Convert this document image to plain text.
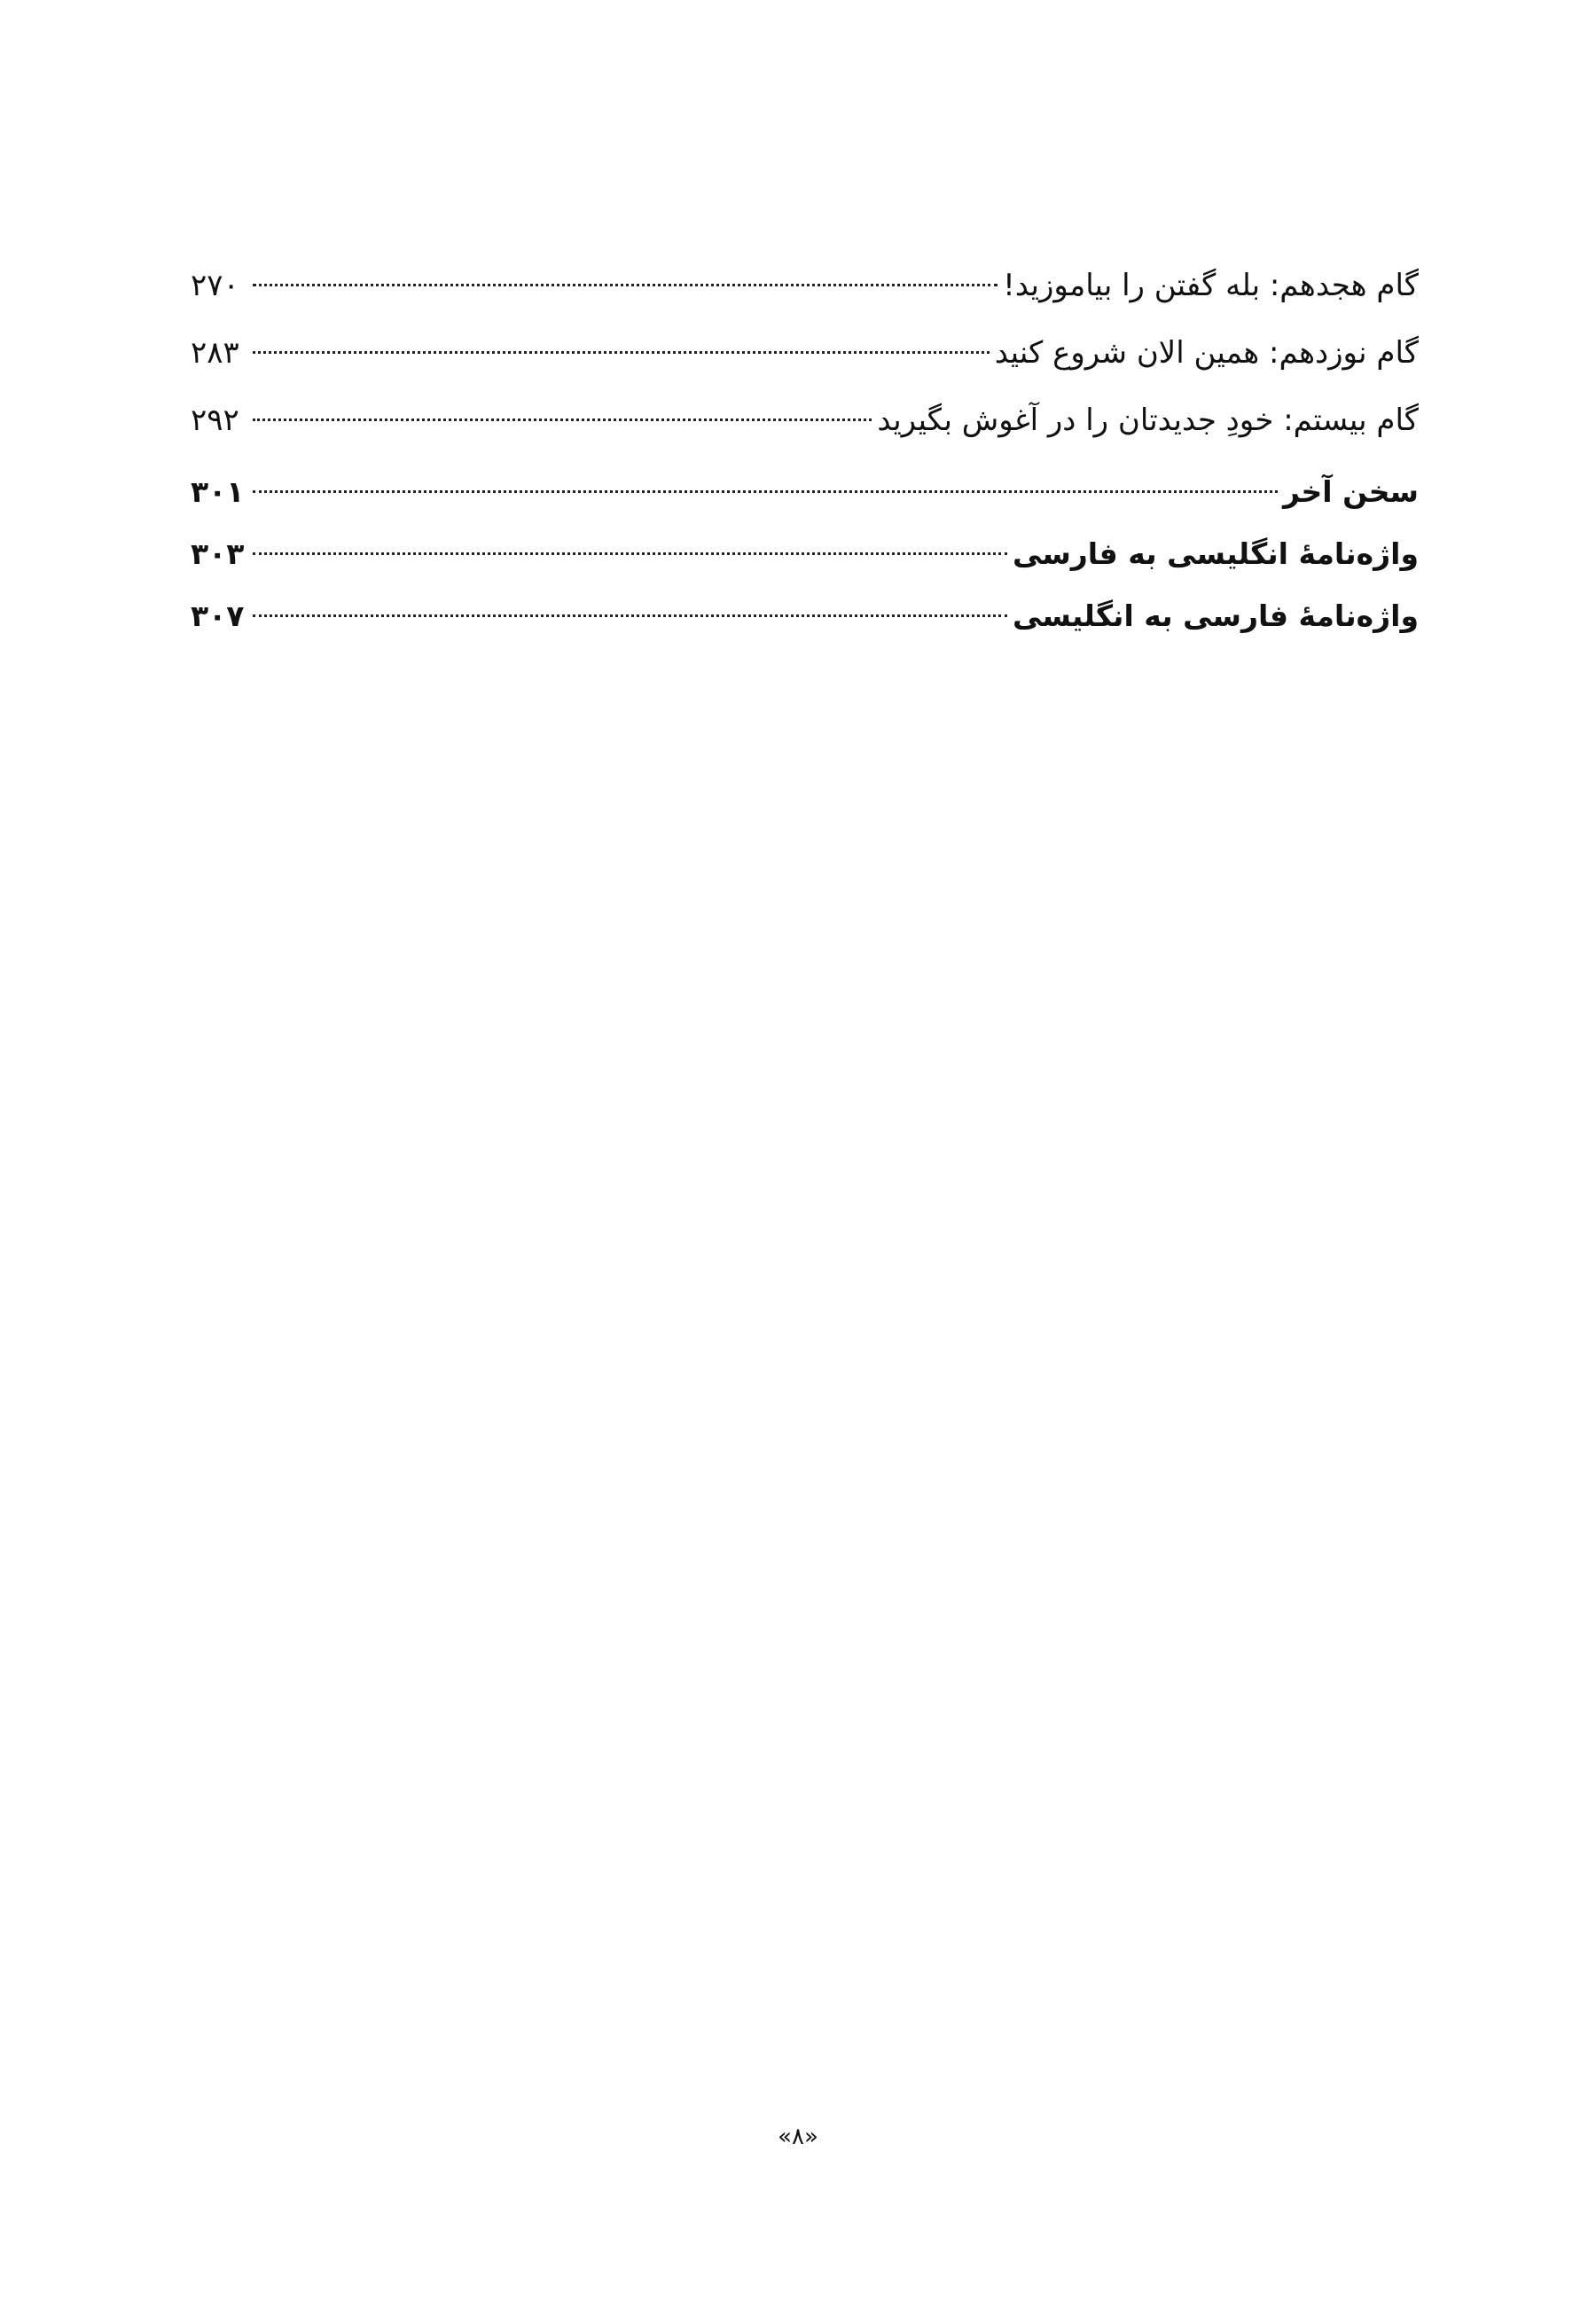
گام هجدهم: بله گفتن را بیاموزید!
۲۷۰
گام نوزدهم: همین الان شروع کنید
۲۸۳
گام بیستم: خودِ جدیدتان را در آغوش بگیرید
۲۹۲
سخن آخر
۳۰۱
واژه‌نامهٔ انگلیسی به فارسی
۳۰۳
واژه‌نامهٔ فارسی به انگلیسی
۳۰۷
«۸»
